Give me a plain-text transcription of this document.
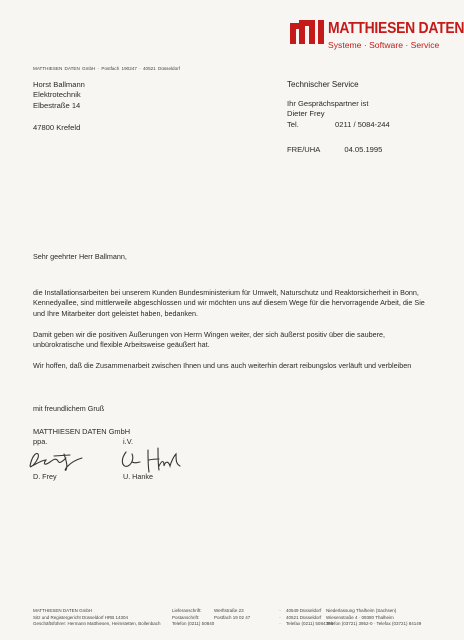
MATTHIESEN DATEN
Systeme · Software · Service
MATTHIESEN DATEN GmbH · Postfach 190247 · 40521 Düsseldorf
Horst Ballmann
Elektrotechnik
Elbestraße 14
47800 Krefeld
Technischer Service
Ihr Gesprächspartner ist
Dieter Frey
Tel.	0211 / 5084-244
FRE/UHA	04.05.1995

Sehr geehrter Herr Ballmann,

die Installationsarbeiten bei unserem Kunden Bundesministerium für Umwelt, Naturschutz und Reaktorsicherheit in Bonn, Kennedyallee, sind mittlerweile abgeschlossen und wir möchten uns auf diesem Wege für die hervorragende Arbeit, die Sie und Ihre Mitarbeiter dort geleistet haben, bedanken.

Damit geben wir die positiven Äußerungen von Herrn Wingen weiter, der sich äußerst positiv über die saubere, unbürokratische und flexible Arbeitsweise geäußert hat.

Wir hoffen, daß die Zusammenarbeit zwischen Ihnen und uns auch weiterhin derart reibungslos verläuft und verbleiben

mit freundlichem Gruß
MATTHIESEN DATEN GmbH
ppa.	i.V.
D. Frey	U. Hanke
MATTHIESEN DATEN GmbH
Sitz und Registergericht Düsseldorf HRB 14304
Geschäftsführer: Hermann Matthiesen, Heimstetten, Bollenbach
Lieferanschrift:	Werftstraße 23	·	40549 Düsseldorf
Postanschrift:	Postfach 19 02 47	·	40521 Düsseldorf
Telefon (0211) 50840	·	Telefax (0211) 5084388
Niederlassung Thalheim (Sachsen)
Wiesenstraße 4 · 09380 Thalheim
Telefon (03721) 3952-0 · Telefax (03721) 84149
